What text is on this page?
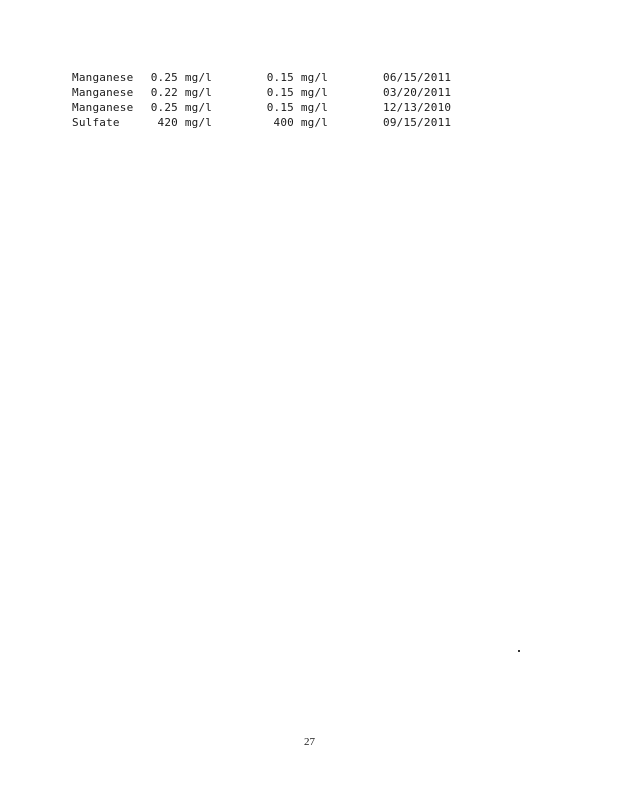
Manganese 0.25 mg/l	0.15 mg/l	06/15/2011
Manganese 0.22 mg/l	0.15 mg/l	03/20/2011
Manganese 0.25 mg/l	0.15 mg/l	12/13/2010
Sulfate	420 mg/l	400 mg/l	09/15/2011
27
